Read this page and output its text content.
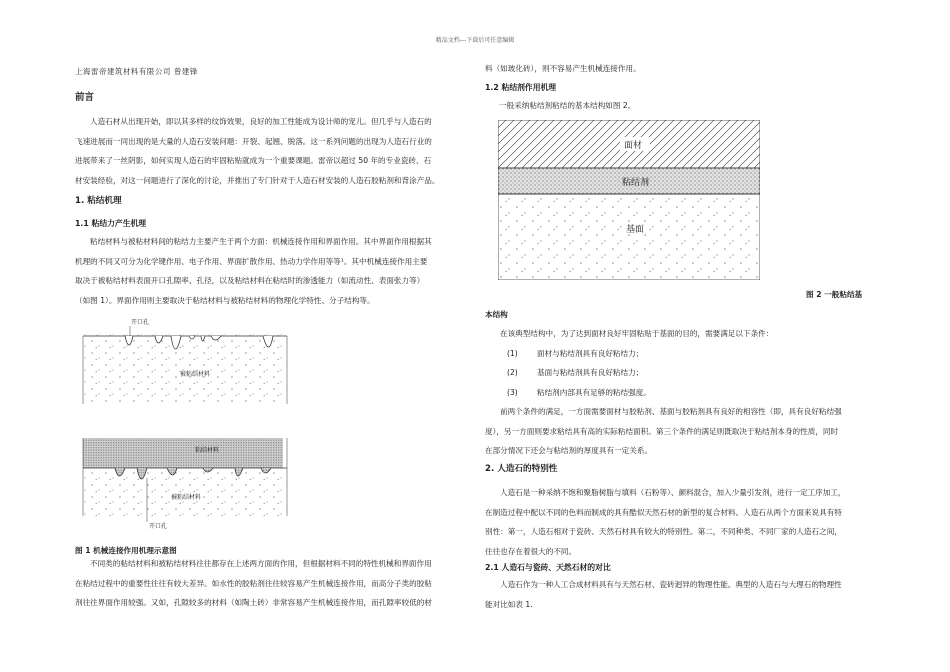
精品文档---下载后可任意编辑
上海雷帝建筑材料有限公司 曾建锋
前言
人造石材从出现开始，即以其多样的纹饰效果，良好的加工性能成为设计师的宠儿。但几乎与人造石的
飞速进展而一同出现的是大量的人造石安装问题：开裂、起翘、脱落。这一系列问题的出现为人造石行业的
进展带来了一丝阴影，如何实现人造石的牢固粘贴就成为一个重要课题。雷帝以超过 50 年的专业瓷砖、石
材安装经验，对这一问题进行了深化的讨论，并推出了专门针对于人造石材安装的人造石胶粘剂和背涂产品。
1. 粘结机理
1.1 粘结力产生机理
粘结材料与被粘材料间的粘结力主要产生于两个方面：机械连接作用和界面作用。其中界面作用根据其
机理的不同又可分为化学键作用、电子作用、界面扩散作用、热动力学作用等等¹。其中机械连接作用主要
取决于被粘结材料表面开口孔隙率、孔径，以及粘结材料在粘结时的渗透能力（如流动性、表面张力等）
（如图 1）。界面作用则主要取决于粘结材料与被粘结材料的物理化学特性、分子结构等。
开口孔
被粘结材料
粘结材料
被粘结材料
开口孔
图 1 机械连接作用机理示意图
不同类的粘结材料和被粘结材料往往都存在上述两方面的作用，但根据材料不同的特性机械和界面作用
在粘结过程中的重要性往往有较大差异。如水性的胶粘剂往往较容易产生机械连接作用，而高分子类的胶粘
剂往往界面作用较强。又如，孔隙较多的材料（如陶土砖）非常容易产生机械连接作用，而孔隙率较低的材
料（如玻化砖），则不容易产生机械连接作用。
1.2 粘结剂作用机理
一般采纳粘结剂粘结的基本结构如图 2。
面材
粘结剂
基面
图 2 一般粘结基
本结构
在该典型结构中，为了达到面材良好牢固粘贴于基面的目的，需要满足以下条件：
(1)	面材与粘结剂具有良好粘结力；
(2)	基面与粘结剂具有良好粘结力；
(3)	粘结剂内部具有足够的粘结强度。
前两个条件的满足，一方面需要面材与胶粘剂、基面与胶粘剂具有良好的相容性（即，具有良好粘结强
度），另一方面则要求粘结具有高的实际粘结面积。第三个条件的满足则既取决于粘结剂本身的性质，同时
在部分情况下还会与粘结剂的厚度具有一定关系。
2. 人造石的特别性
人造石是一种采纳不饱和聚脂树脂与填料（石粉等）、颜料混合，加入少量引发剂，进行一定工序加工，
在制造过程中配以不同的色料而制成的具有酷似天然石材的新型的复合材料。人造石从两个方面来说具有特
别性：第一，人造石相对于瓷砖、天然石材具有较大的特别性。第二，不同种类、不同厂家的人造石之间，
往往也存在着很大的不同。
2.1 人造石与瓷砖、天然石材的对比
人造石作为一种人工合成材料具有与天然石材、瓷砖迥异的物理性能。典型的人造石与大理石的物理性
能对比如表 1.
